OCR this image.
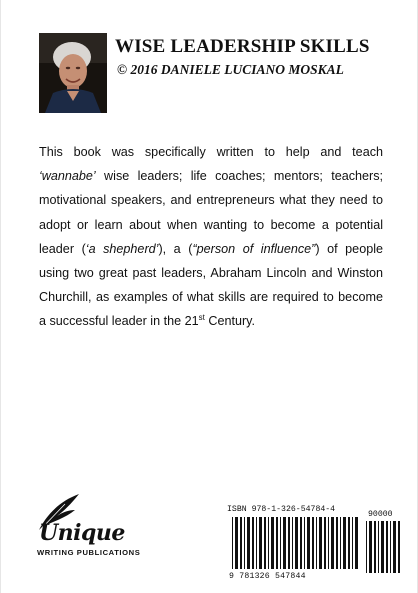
WISE LEADERSHIP SKILLS
© 2016 DANIELE LUCIANO MOSKAL
This book was specifically written to help and teach ‘wannabe’ wise leaders; life coaches; mentors; teachers; motivational speakers, and entrepreneurs what they need to adopt or learn about when wanting to become a potential leader (‘a shepherd’), a (“person of influence”) of people using two great past leaders, Abraham Lincoln and Winston Churchill, as examples of what skills are required to become a successful leader in the 21st Century.
Unique
WRITING PUBLICATIONS
ISBN 978-1-326-54784-4
90000
9 781326 547844
